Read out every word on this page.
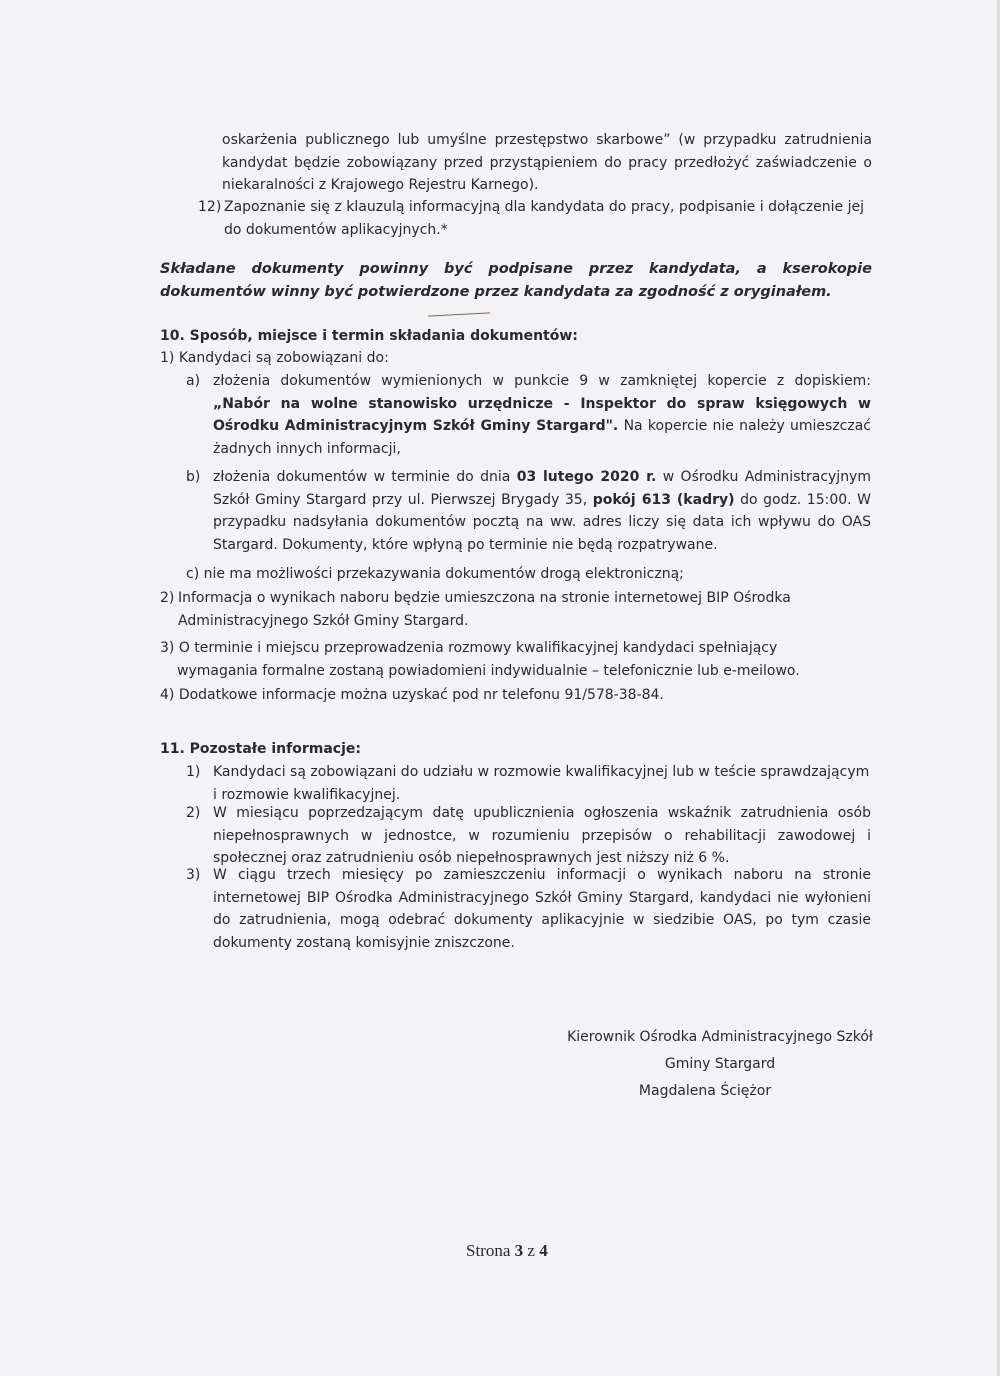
oskarżenia publicznego lub umyślne przestępstwo skarbowe” (w przypadku zatrudnienia kandydat będzie zobowiązany przed przystąpieniem do pracy przedłożyć zaświadczenie o niekaralności z Krajowego Rejestru Karnego).
12) Zapoznanie się z klauzulą informacyjną dla kandydata do pracy, podpisanie i dołączenie jej do dokumentów aplikacyjnych.*
Składane dokumenty powinny być podpisane przez kandydata, a kserokopie dokumentów winny być potwierdzone przez kandydata za zgodność z oryginałem.
10. Sposób, miejsce i termin składania dokumentów:
1) Kandydaci są zobowiązani do:
a) złożenia dokumentów wymienionych w punkcie 9 w zamkniętej kopercie z dopiskiem: „Nabór na wolne stanowisko urzędnicze - Inspektor do spraw księgowych w Ośrodku Administracyjnym Szkół Gminy Stargard". Na kopercie nie należy umieszczać żadnych innych informacji,
b) złożenia dokumentów w terminie do dnia 03 lutego 2020 r. w Ośrodku Administracyjnym Szkół Gminy Stargard przy ul. Pierwszej Brygady 35, pokój 613 (kadry) do godz. 15:00. W przypadku nadsyłania dokumentów pocztą na ww. adres liczy się data ich wpływu do OAS Stargard. Dokumenty, które wpłyną po terminie nie będą rozpatrywane.
c) nie ma możliwości przekazywania dokumentów drogą elektroniczną;
2) Informacja o wynikach naboru będzie umieszczona na stronie internetowej BIP Ośrodka
Administracyjnego Szkół Gminy Stargard.
3) O terminie i miejscu przeprowadzenia rozmowy kwalifikacyjnej kandydaci spełniający
wymagania formalne zostaną powiadomieni indywidualnie – telefonicznie lub e-meilowo.
4) Dodatkowe informacje można uzyskać pod nr telefonu 91/578-38-84.
11. Pozostałe informacje:
1) Kandydaci są zobowiązani do udziału w rozmowie kwalifikacyjnej lub w teście sprawdzającym i rozmowie kwalifikacyjnej.
2) W miesiącu poprzedzającym datę upublicznienia ogłoszenia wskaźnik zatrudnienia osób niepełnosprawnych w jednostce, w rozumieniu przepisów o rehabilitacji zawodowej i społecznej oraz zatrudnieniu osób niepełnosprawnych jest niższy niż 6 %.
3) W ciągu trzech miesięcy po zamieszczeniu informacji o wynikach naboru na stronie internetowej BIP Ośrodka Administracyjnego Szkół Gminy Stargard, kandydaci nie wyłonieni do zatrudnienia, mogą odebrać dokumenty aplikacyjnie w siedzibie OAS, po tym czasie dokumenty zostaną komisyjnie zniszczone.
Kierownik Ośrodka Administracyjnego Szkół
Gminy Stargard
Magdalena Ściężor
Strona 3 z 4
